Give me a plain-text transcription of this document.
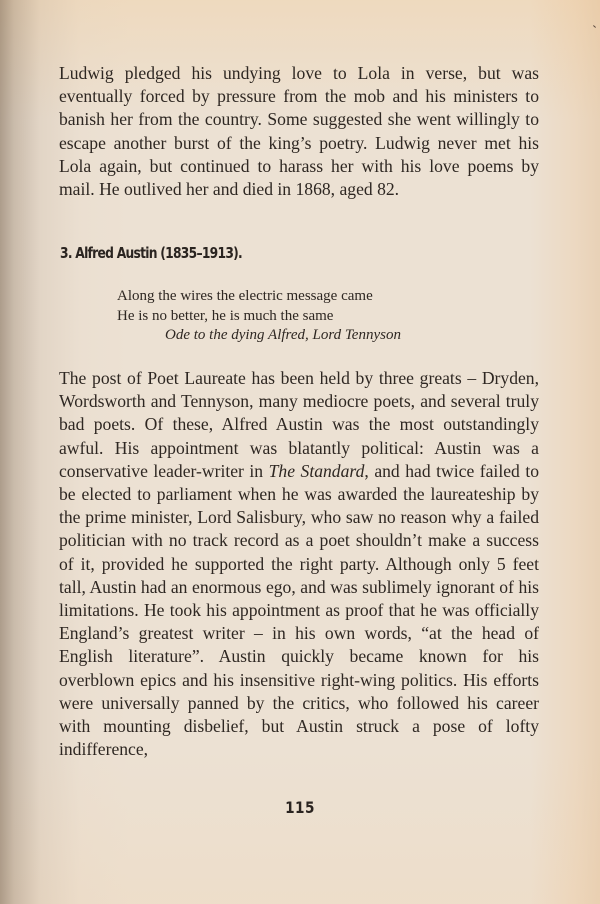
Ludwig pledged his undying love to Lola in verse, but was eventually forced by pressure from the mob and his ministers to banish her from the country. Some suggested she went willingly to escape another burst of the king’s poetry. Ludwig never met his Lola again, but continued to harass her with his love poems by mail. He outlived her and died in 1868, aged 82.

3. Alfred Austin (1835–1913).
Along the wires the electric message came
He is no better, he is much the same
Ode to the dying Alfred, Lord Tennyson

The post of Poet Laureate has been held by three greats – Dryden, Wordsworth and Tennyson, many mediocre poets, and several truly bad poets. Of these, Alfred Austin was the most outstandingly awful. His appointment was blatantly political: Austin was a conservative leader-writer in The Standard, and had twice failed to be elected to parliament when he was awarded the laureateship by the prime minister, Lord Salisbury, who saw no reason why a failed politician with no track record as a poet shouldn’t make a success of it, provided he supported the right party. Although only 5 feet tall, Austin had an enormous ego, and was sublimely ignorant of his limitations. He took his appointment as proof that he was officially England’s greatest writer – in his own words, “at the head of English literature”. Austin quickly became known for his overblown epics and his insensitive right-wing politics. His efforts were universally panned by the critics, who followed his career with mounting disbelief, but Austin struck a pose of lofty indifference,

115
